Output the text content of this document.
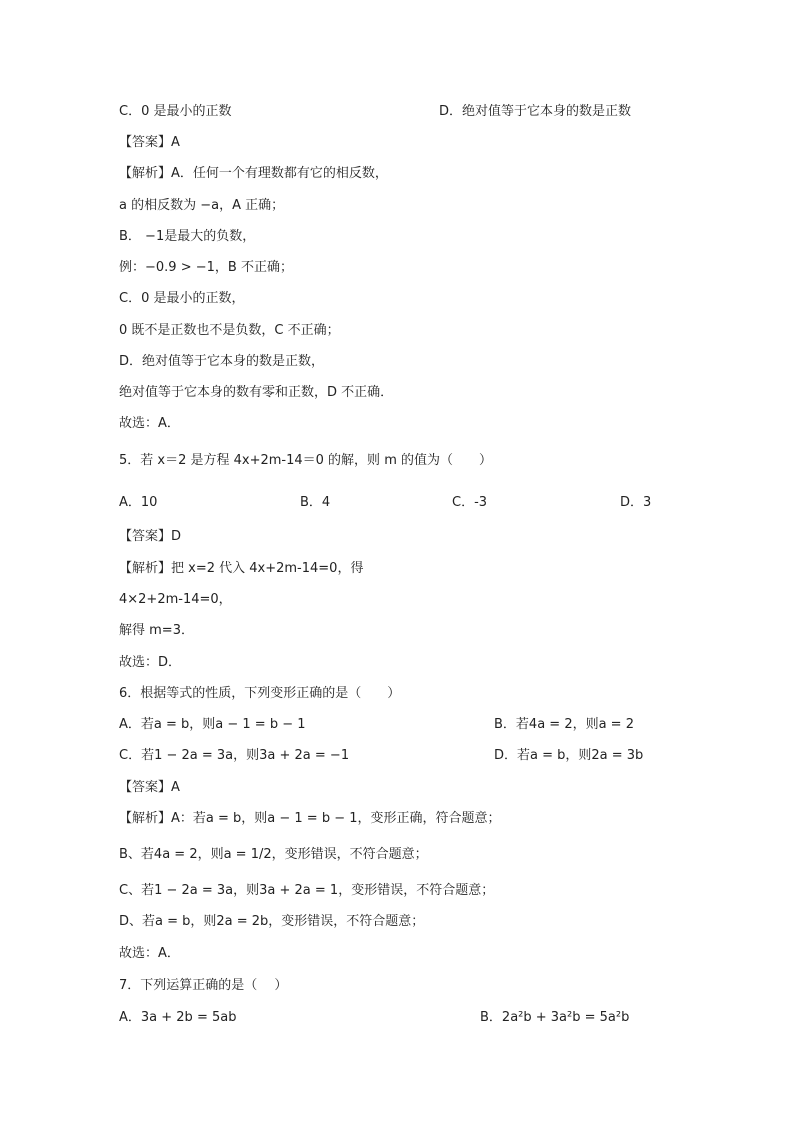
C．0 是最小的正数	D．绝对值等于它本身的数是正数
【答案】A
【解析】A．任何一个有理数都有它的相反数，
a 的相反数为 −a，A 正确；
B． −1是最大的负数，
例：−0.9 > −1，B 不正确；
C．0 是最小的正数，
0 既不是正数也不是负数，C 不正确；
D．绝对值等于它本身的数是正数，
绝对值等于它本身的数有零和正数，D 不正确．
故选：A．
5．若 x＝2 是方程 4x+2m-14＝0 的解，则 m 的值为（　　）
A．10	B．4	C．-3	D．3
【答案】D
【解析】把 x=2 代入 4x+2m-14=0，得
4×2+2m-14=0，
解得 m=3．
故选：D．
6．根据等式的性质，下列变形正确的是（　　）
A．若a = b，则a − 1 = b − 1	B．若4a = 2，则a = 2
C．若1 − 2a = 3a，则3a + 2a = −1	D．若a = b，则2a = 3b
【答案】A
【解析】A：若a = b，则a − 1 = b − 1，变形正确，符合题意；
B、若4a = 2，则a = 1/2，变形错误，不符合题意；
C、若1 − 2a = 3a，则3a + 2a = 1，变形错误，不符合题意；
D、若a = b，则2a = 2b，变形错误，不符合题意；
故选：A．
7．下列运算正确的是（　 ）
A．3a + 2b = 5ab	B．2a²b + 3a²b = 5a²b
